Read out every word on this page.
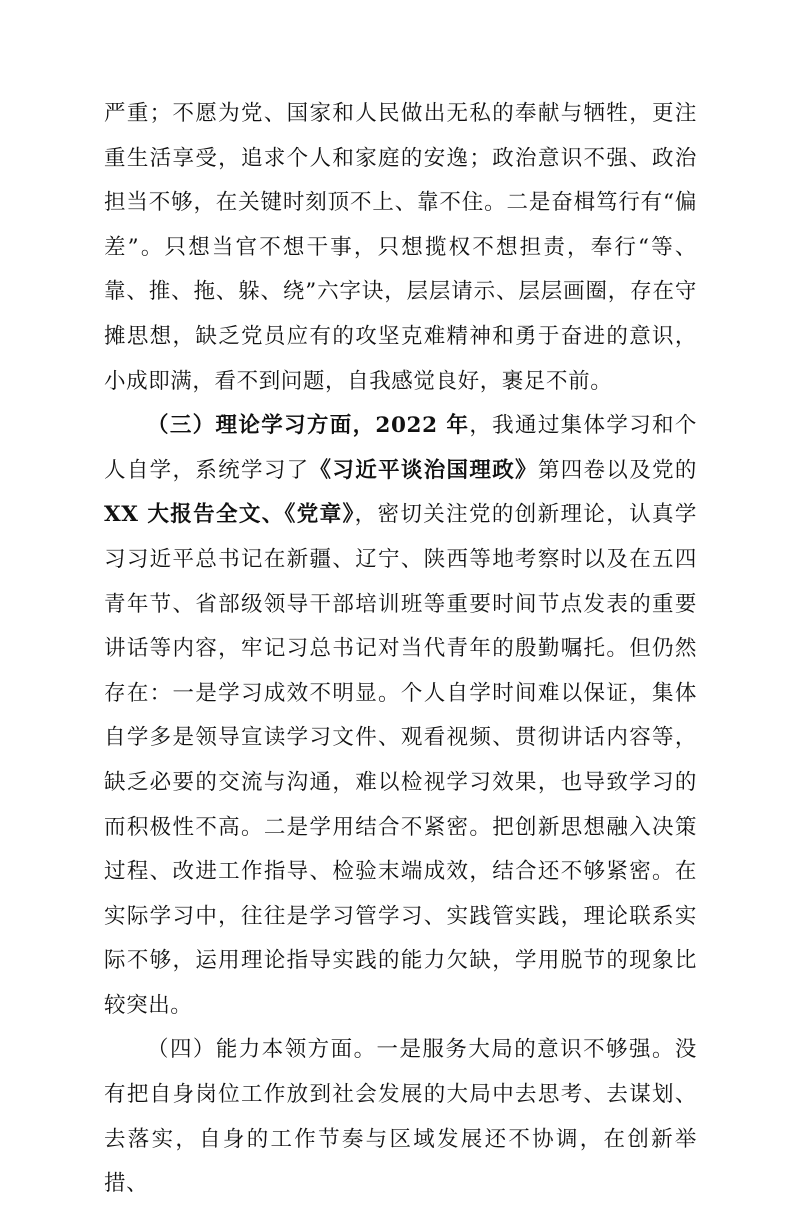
严重；不愿为党、国家和人民做出无私的奉献与牺牲，更注重生活享受，追求个人和家庭的安逸；政治意识不强、政治担当不够，在关键时刻顶不上、靠不住。二是奋楫笃行有“偏差”。只想当官不想干事，只想揽权不想担责，奉行“等、靠、推、拖、躲、绕”六字诀，层层请示、层层画圈，存在守摊思想，缺乏党员应有的攻坚克难精神和勇于奋进的意识，小成即满，看不到问题，自我感觉良好，裹足不前。

（三）理论学习方面，2022 年，我通过集体学习和个人自学，系统学习了《习近平谈治国理政》第四卷以及党的XX 大报告全文、《党章》，密切关注党的创新理论，认真学习习近平总书记在新疆、辽宁、陕西等地考察时以及在五四青年节、省部级领导干部培训班等重要时间节点发表的重要讲话等内容，牢记习总书记对当代青年的殷勤嘱托。但仍然存在：一是学习成效不明显。个人自学时间难以保证，集体自学多是领导宣读学习文件、观看视频、贯彻讲话内容等，缺乏必要的交流与沟通，难以检视学习效果，也导致学习的而积极性不高。二是学用结合不紧密。把创新思想融入决策过程、改进工作指导、检验末端成效，结合还不够紧密。在实际学习中，往往是学习管学习、实践管实践，理论联系实际不够，运用理论指导实践的能力欠缺，学用脱节的现象比较突出。

（四）能力本领方面。一是服务大局的意识不够强。没有把自身岗位工作放到社会发展的大局中去思考、去谋划、去落实，自身的工作节奏与区域发展还不协调，在创新举措、
